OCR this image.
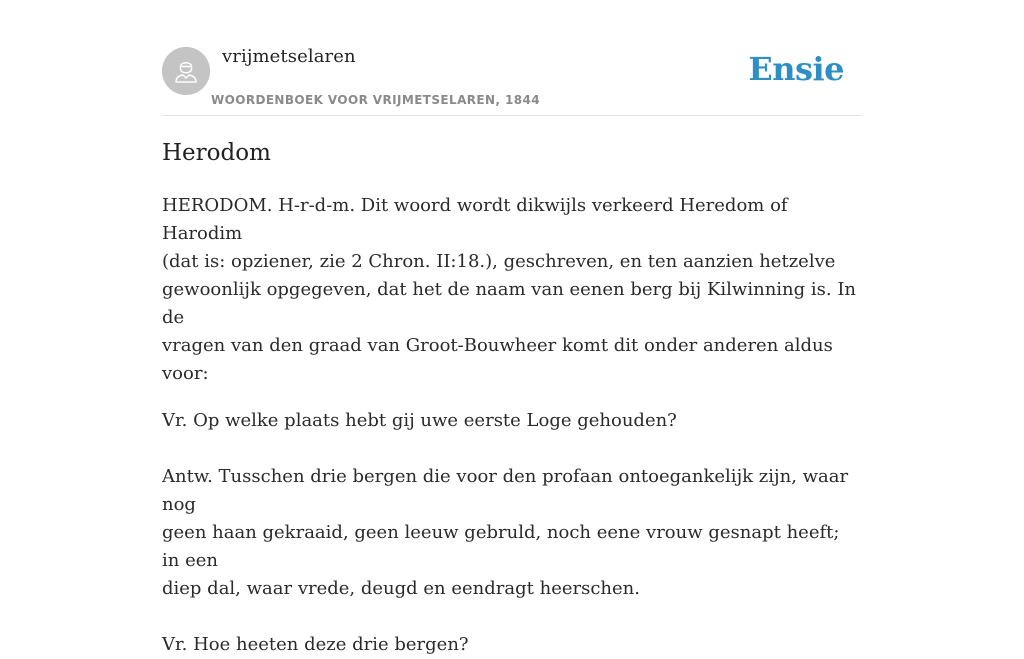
vrijmetselaren
WOORDENBOEK VOOR VRIJMETSELAREN, 1844
Ensie
Herodom

HERODOM. H-r-d-m. Dit woord wordt dikwijls verkeerd Heredom of Harodim
(dat is: opziener, zie 2 Chron. II:18.), geschreven, en ten aanzien hetzelve
gewoonlijk opgegeven, dat het de naam van eenen berg bij Kilwinning is. In de
vragen van den graad van Groot-Bouwheer komt dit onder anderen aldus voor:

Vr. Op welke plaats hebt gij uwe eerste Loge gehouden?

Antw. Tusschen drie bergen die voor den profaan ontoegankelijk zijn, waar nog
geen haan gekraaid, geen leeuw gebruld, noch eene vrouw gesnapt heeft; in een
diep dal, waar vrede, deugd en eendragt heerschen.

Vr. Hoe heeten deze drie bergen?
